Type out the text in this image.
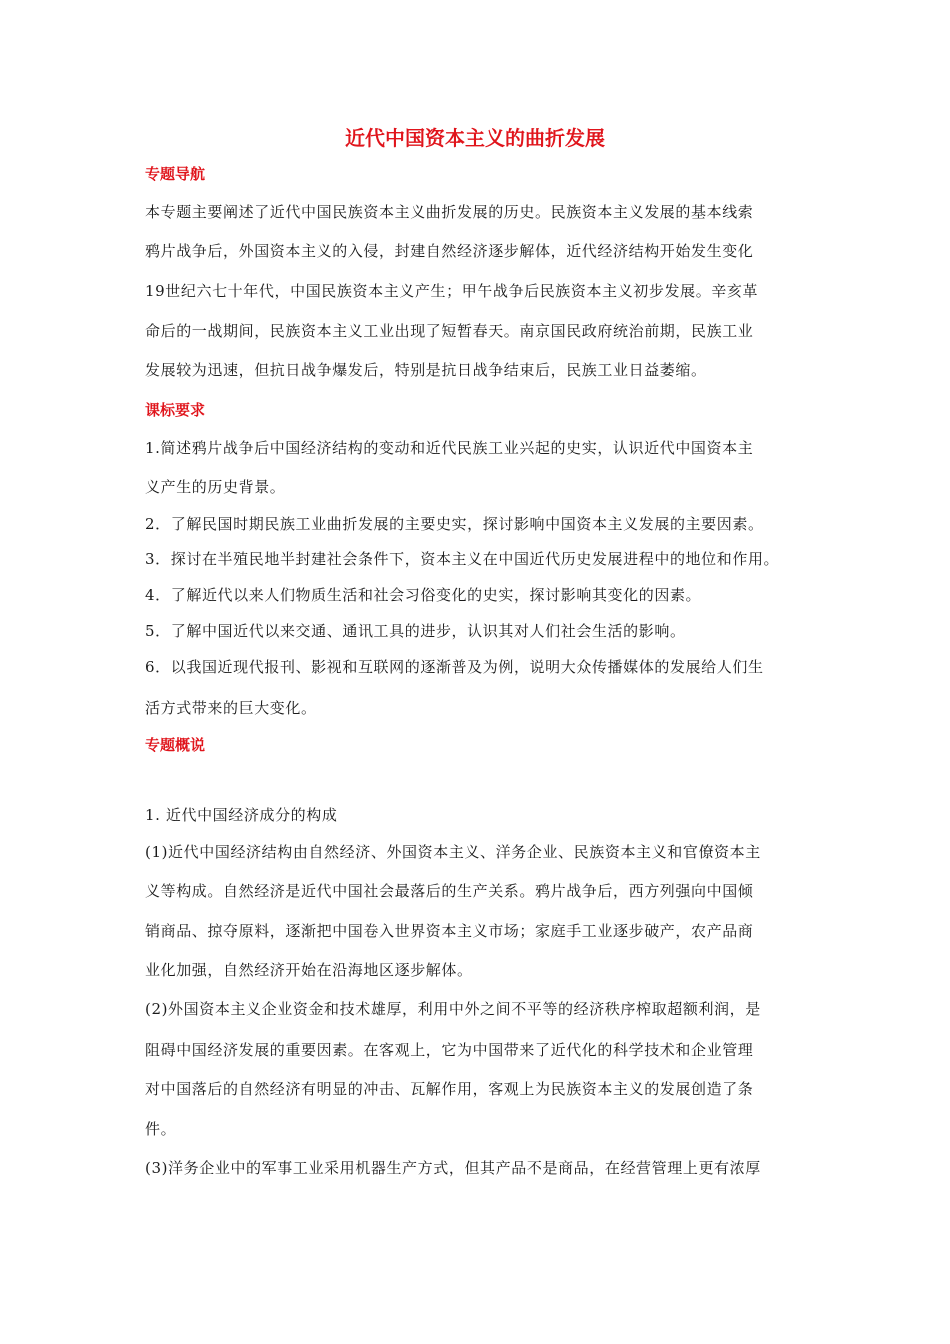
近代中国资本主义的曲折发展
专题导航
本专题主要阐述了近代中国民族资本主义曲折发展的历史。民族资本主义发展的基本线索
鸦片战争后，外国资本主义的入侵，封建自然经济逐步解体，近代经济结构开始发生变化
19世纪六七十年代，中国民族资本主义产生；甲午战争后民族资本主义初步发展。辛亥革
命后的一战期间，民族资本主义工业出现了短暂春天。南京国民政府统治前期，民族工业
发展较为迅速，但抗日战争爆发后，特别是抗日战争结束后，民族工业日益萎缩。
课标要求
1.简述鸦片战争后中国经济结构的变动和近代民族工业兴起的史实，认识近代中国资本主
义产生的历史背景。
2．了解民国时期民族工业曲折发展的主要史实，探讨影响中国资本主义发展的主要因素。
3．探讨在半殖民地半封建社会条件下，资本主义在中国近代历史发展进程中的地位和作用。
4．了解近代以来人们物质生活和社会习俗变化的史实，探讨影响其变化的因素。
5．了解中国近代以来交通、通讯工具的进步，认识其对人们社会生活的影响。
6．以我国近现代报刊、影视和互联网的逐渐普及为例，说明大众传播媒体的发展给人们生
活方式带来的巨大变化。
专题概说
1. 近代中国经济成分的构成
(1)近代中国经济结构由自然经济、外国资本主义、洋务企业、民族资本主义和官僚资本主
义等构成。自然经济是近代中国社会最落后的生产关系。鸦片战争后，西方列强向中国倾
销商品、掠夺原料，逐渐把中国卷入世界资本主义市场；家庭手工业逐步破产，农产品商
业化加强，自然经济开始在沿海地区逐步解体。
(2)外国资本主义企业资金和技术雄厚，利用中外之间不平等的经济秩序榨取超额利润，是
阻碍中国经济发展的重要因素。在客观上，它为中国带来了近代化的科学技术和企业管理
对中国落后的自然经济有明显的冲击、瓦解作用，客观上为民族资本主义的发展创造了条
件。
(3)洋务企业中的军事工业采用机器生产方式，但其产品不是商品，在经营管理上更有浓厚
